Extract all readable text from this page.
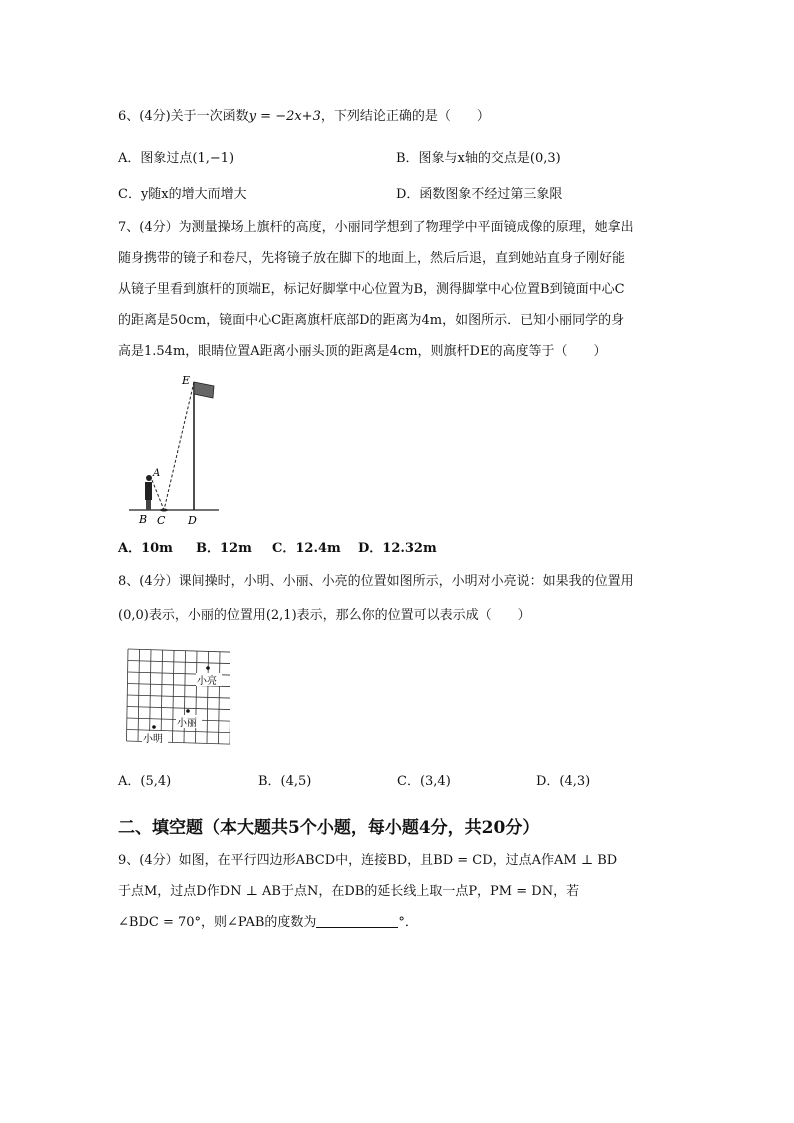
6、(4分)关于一次函数y = −2x+3，下列结论正确的是（　　）
A．图象过点(1,−1)	B．图象与x轴的交点是(0,3)
C．y随x的增大而增大	D．函数图象不经过第三象限
7、(4分）为测量操场上旗杆的高度，小丽同学想到了物理学中平面镜成像的原理，她拿出
随身携带的镜子和卷尺，先将镜子放在脚下的地面上，然后后退，直到她站直身子刚好能
从镜子里看到旗杆的顶端E，标记好脚掌中心位置为B，测得脚掌中心位置B到镜面中心C
的距离是50cm，镜面中心C距离旗杆底部D的距离为4m，如图所示．已知小丽同学的身
高是1.54m，眼睛位置A距离小丽头顶的距离是4cm，则旗杆DE的高度等于（　　）
E
A
B C D
A．10m B．12m C．12.4m D．12.32m
8、(4分）课间操时，小明、小丽、小亮的位置如图所示，小明对小亮说：如果我的位置用
(0,0)表示，小丽的位置用(2,1)表示，那么你的位置可以表示成（　　）
小亮
小丽
小明
A．(5,4)	B．(4,5)	C．(3,4)	D．(4,3)
二、填空题（本大题共5个小题，每小题4分，共20分）
9、(4分）如图，在平行四边形ABCD中，连接BD，且BD = CD，过点A作AM ⊥ BD
于点M，过点D作DN ⊥ AB于点N，在DB的延长线上取一点P，PM = DN，若
∠BDC = 70°，则∠PAB的度数为	°．
